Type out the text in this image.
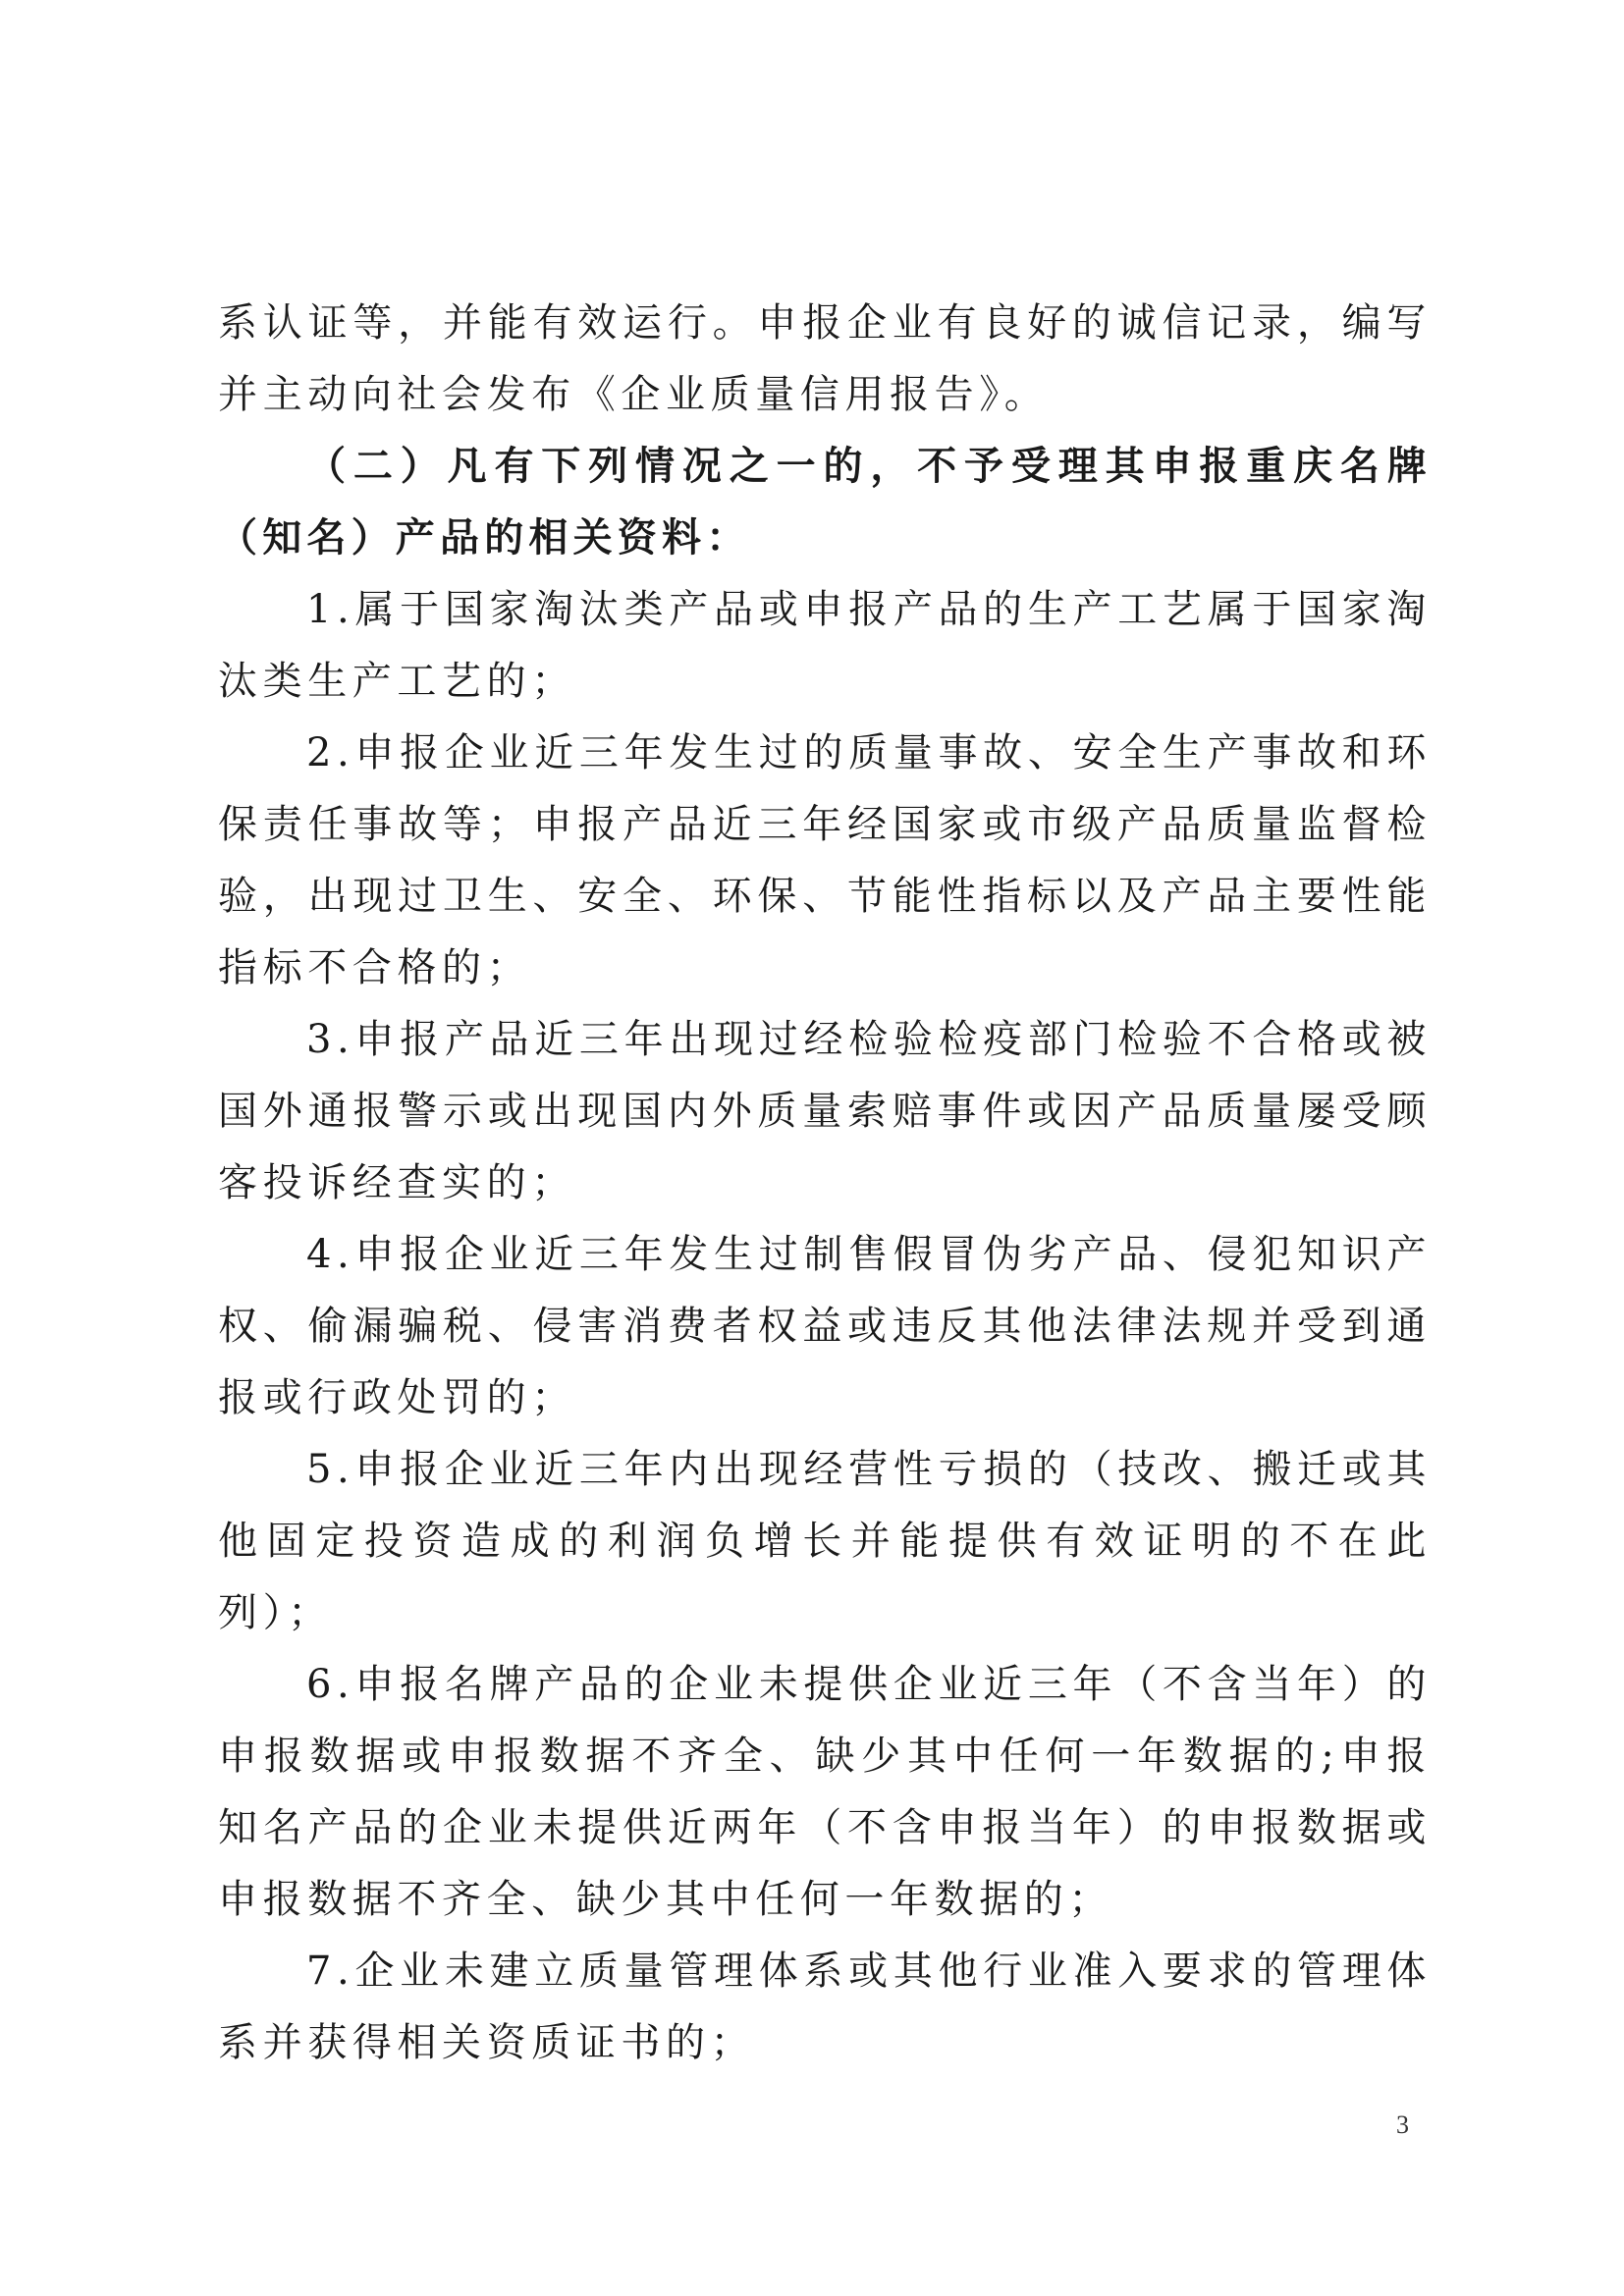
系认证等，并能有效运行。申报企业有良好的诚信记录，编写并主动向社会发布《企业质量信用报告》。

（二）凡有下列情况之一的，不予受理其申报重庆名牌（知名）产品的相关资料：

1.属于国家淘汰类产品或申报产品的生产工艺属于国家淘汰类生产工艺的；

2.申报企业近三年发生过的质量事故、安全生产事故和环保责任事故等；申报产品近三年经国家或市级产品质量监督检验，出现过卫生、安全、环保、节能性指标以及产品主要性能指标不合格的；

3.申报产品近三年出现过经检验检疫部门检验不合格或被国外通报警示或出现国内外质量索赔事件或因产品质量屡受顾客投诉经查实的；

4.申报企业近三年发生过制售假冒伪劣产品、侵犯知识产权、偷漏骗税、侵害消费者权益或违反其他法律法规并受到通报或行政处罚的；

5.申报企业近三年内出现经营性亏损的（技改、搬迁或其他固定投资造成的利润负增长并能提供有效证明的不在此列）；

6.申报名牌产品的企业未提供企业近三年（不含当年）的申报数据或申报数据不齐全、缺少其中任何一年数据的;申报知名产品的企业未提供近两年（不含申报当年）的申报数据或申报数据不齐全、缺少其中任何一年数据的；

7.企业未建立质量管理体系或其他行业准入要求的管理体系并获得相关资质证书的；

3
